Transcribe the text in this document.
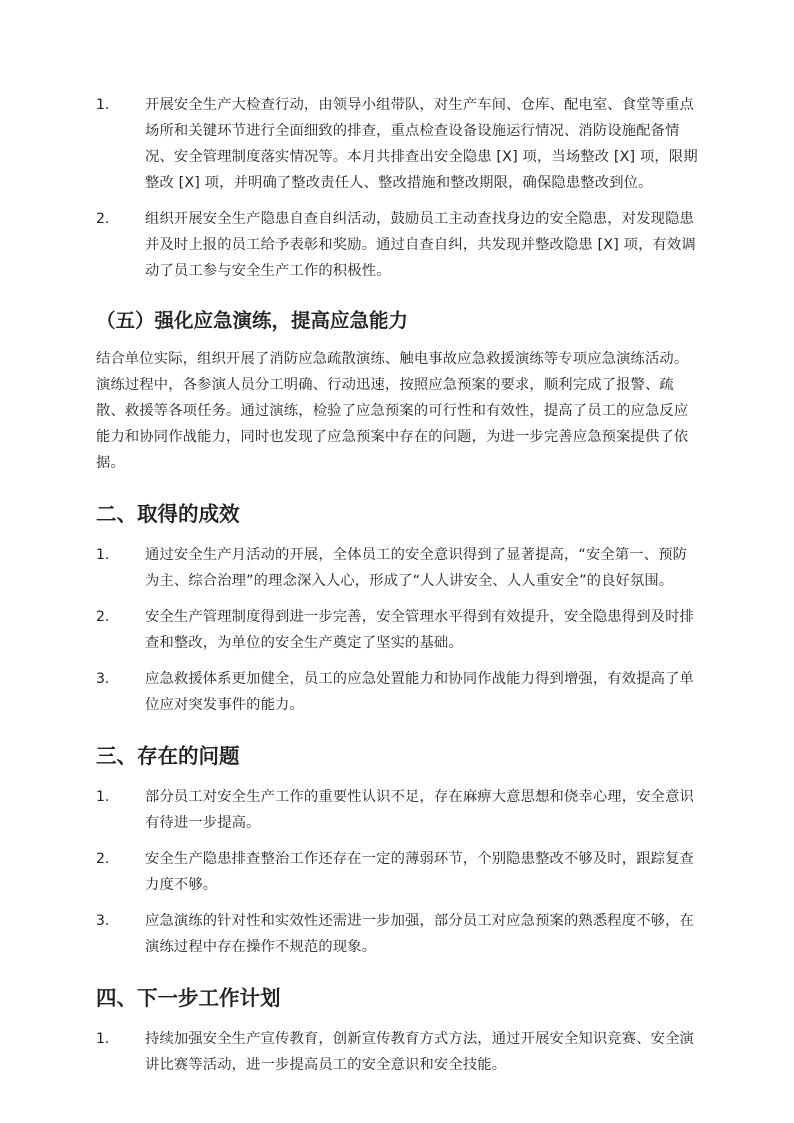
1.	开展安全生产大检查行动，由领导小组带队，对生产车间、仓库、配电室、食堂等重点场所和关键环节进行全面细致的排查，重点检查设备设施运行情况、消防设施配备情况、安全管理制度落实情况等。本月共排查出安全隐患 [X] 项，当场整改 [X] 项，限期整改 [X] 项，并明确了整改责任人、整改措施和整改期限，确保隐患整改到位。
2.	组织开展安全生产隐患自查自纠活动，鼓励员工主动查找身边的安全隐患，对发现隐患并及时上报的员工给予表彰和奖励。通过自查自纠，共发现并整改隐患 [X] 项，有效调动了员工参与安全生产工作的积极性。
（五）强化应急演练，提高应急能力
结合单位实际，组织开展了消防应急疏散演练、触电事故应急救援演练等专项应急演练活动。演练过程中，各参演人员分工明确、行动迅速，按照应急预案的要求，顺利完成了报警、疏散、救援等各项任务。通过演练，检验了应急预案的可行性和有效性，提高了员工的应急反应能力和协同作战能力，同时也发现了应急预案中存在的问题，为进一步完善应急预案提供了依据。
二、取得的成效
1.	通过安全生产月活动的开展，全体员工的安全意识得到了显著提高，“安全第一、预防为主、综合治理”的理念深入人心，形成了“人人讲安全、人人重安全”的良好氛围。
2.	安全生产管理制度得到进一步完善，安全管理水平得到有效提升，安全隐患得到及时排查和整改，为单位的安全生产奠定了坚实的基础。
3.	应急救援体系更加健全，员工的应急处置能力和协同作战能力得到增强，有效提高了单位应对突发事件的能力。
三、存在的问题
1.	部分员工对安全生产工作的重要性认识不足，存在麻痹大意思想和侥幸心理，安全意识有待进一步提高。
2.	安全生产隐患排查整治工作还存在一定的薄弱环节，个别隐患整改不够及时，跟踪复查力度不够。
3.	应急演练的针对性和实效性还需进一步加强，部分员工对应急预案的熟悉程度不够，在演练过程中存在操作不规范的现象。
四、下一步工作计划
1.	持续加强安全生产宣传教育，创新宣传教育方式方法，通过开展安全知识竞赛、安全演讲比赛等活动，进一步提高员工的安全意识和安全技能。
